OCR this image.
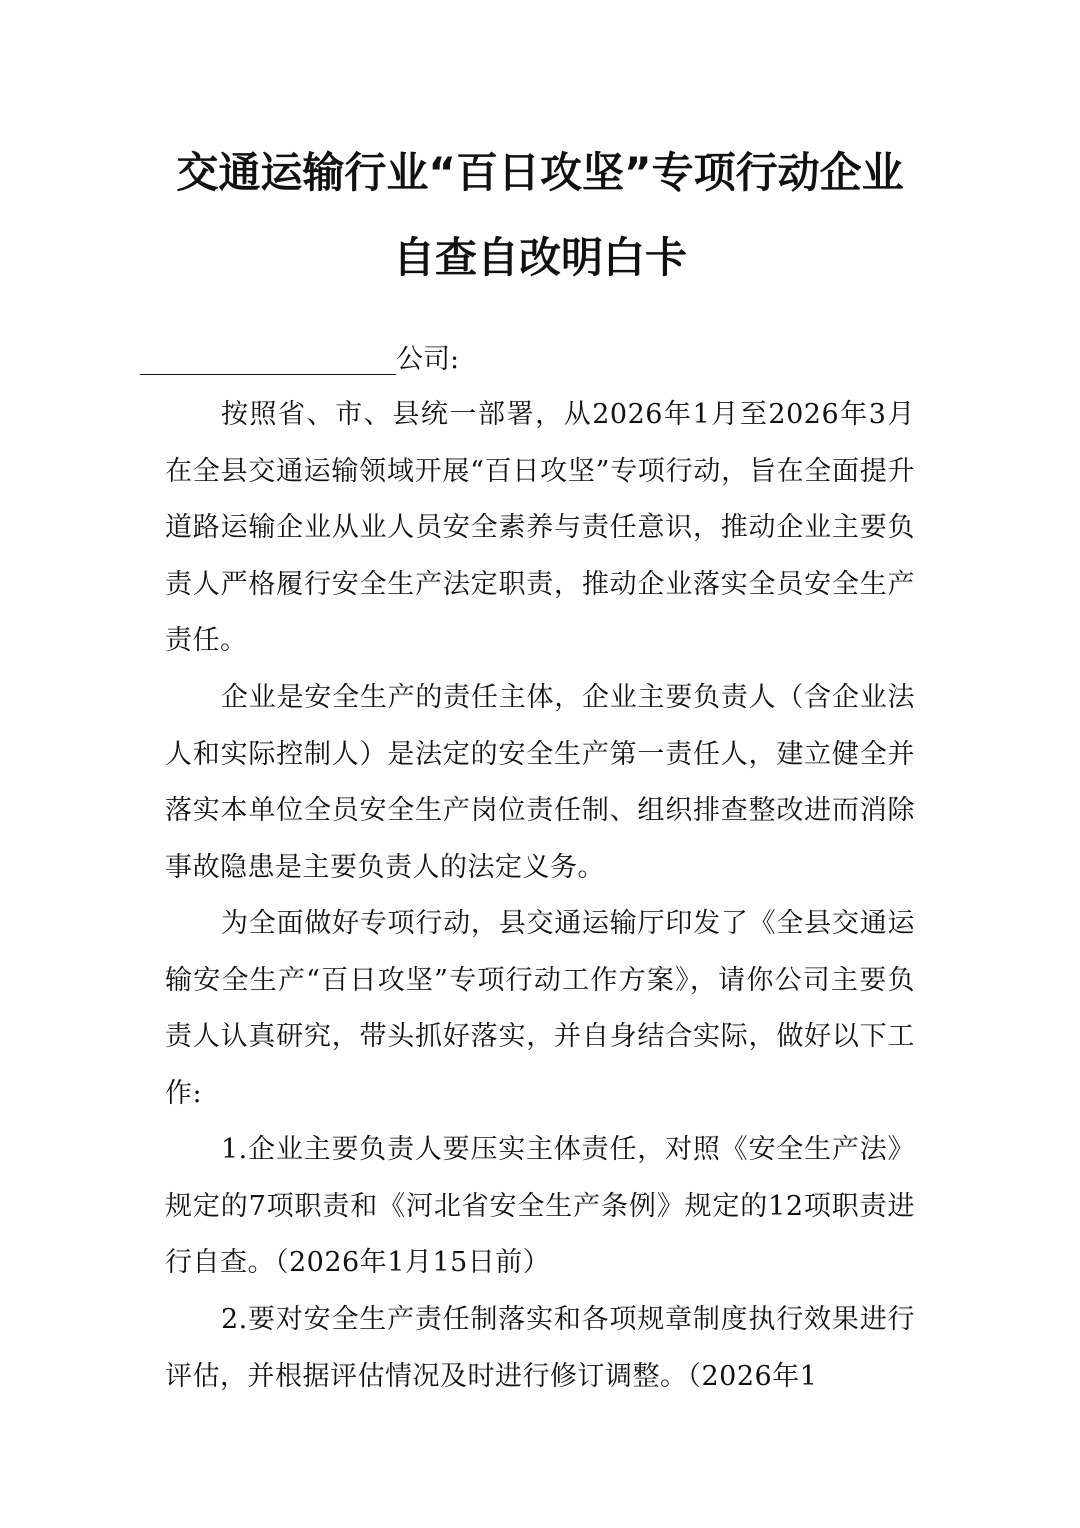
交通运输行业“百日攻坚”专项行动企业
自查自改明白卡
公司:

按照省、市、县统一部署，从2026年1月至2026年3月在全县交通运输领域开展“百日攻坚”专项行动，旨在全面提升道路运输企业从业人员安全素养与责任意识，推动企业主要负责人严格履行安全生产法定职责，推动企业落实全员安全生产责任。

企业是安全生产的责任主体，企业主要负责人（含企业法人和实际控制人）是法定的安全生产第一责任人，建立健全并落实本单位全员安全生产岗位责任制、组织排查整改进而消除事故隐患是主要负责人的法定义务。

为全面做好专项行动，县交通运输厅印发了《全县交通运输安全生产“百日攻坚”专项行动工作方案》，请你公司主要负责人认真研究，带头抓好落实，并自身结合实际，做好以下工作:

1.企业主要负责人要压实主体责任，对照《安全生产法》规定的7项职责和《河北省安全生产条例》规定的12项职责进行自查。（2026年1月15日前）

2.要对安全生产责任制落实和各项规章制度执行效果进行评估，并根据评估情况及时进行修订调整。（2026年1
